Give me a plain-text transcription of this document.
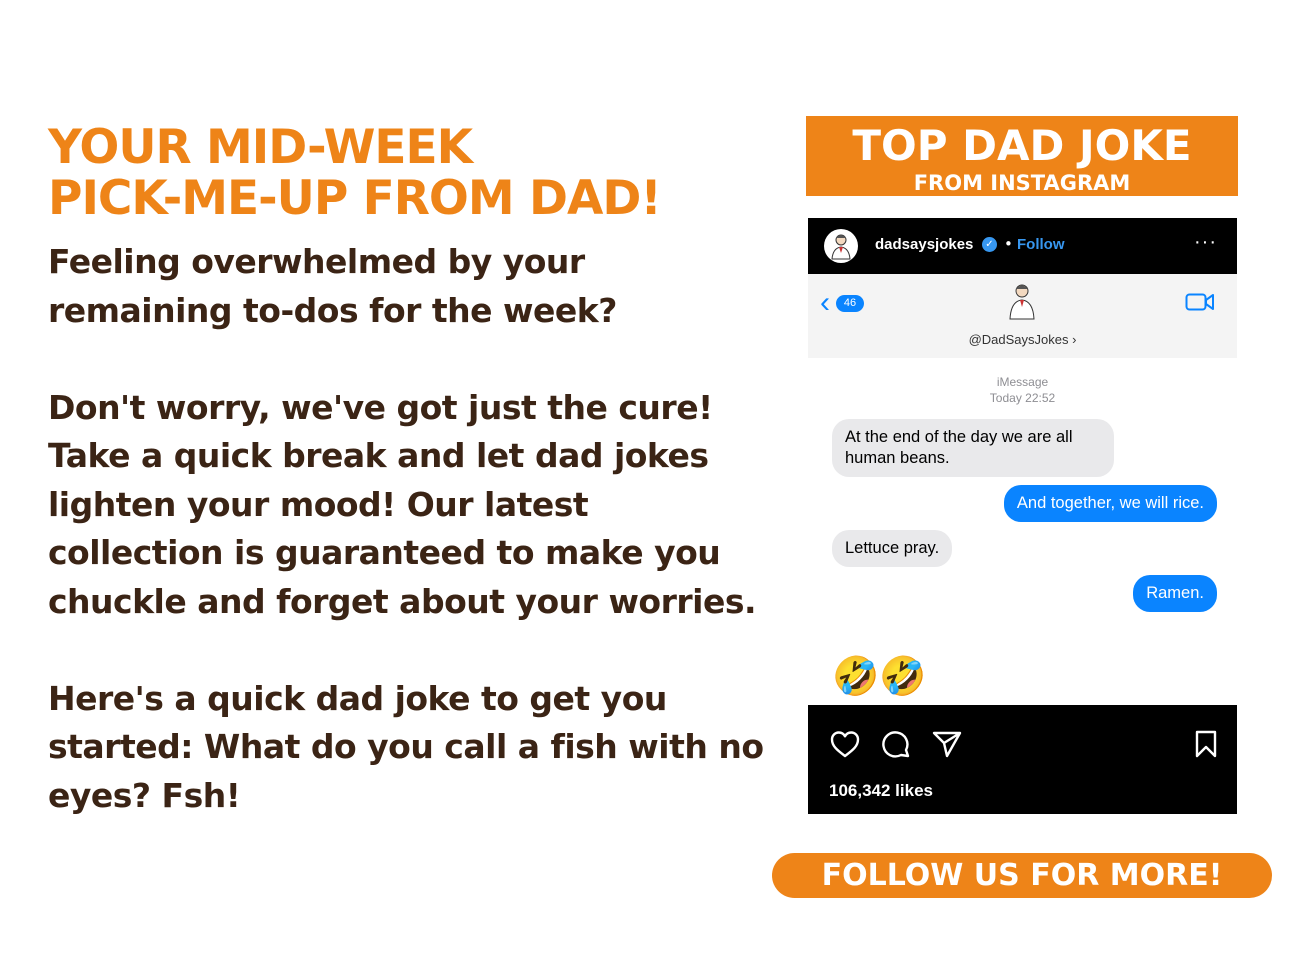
YOUR MID-WEEK
PICK-ME-UP FROM DAD!

Feeling overwhelmed by your remaining to-dos for the week?

Don't worry, we've got just the cure! Take a quick break and let dad jokes lighten your mood! Our latest collection is guaranteed to make you chuckle and forget about your worries.

Here's a quick dad joke to get you started: What do you call a fish with no eyes? Fsh!

TOP DAD JOKE
FROM INSTAGRAM
dadsaysjokes	✓ • Follow	···
‹	46
@DadSaysJokes ›
iMessage
Today 22:52
At the end of the day we are all human beans.
And together, we will rice.
Lettuce pray.
Ramen.
🤣🤣
106,342 likes
FOLLOW US FOR MORE!
